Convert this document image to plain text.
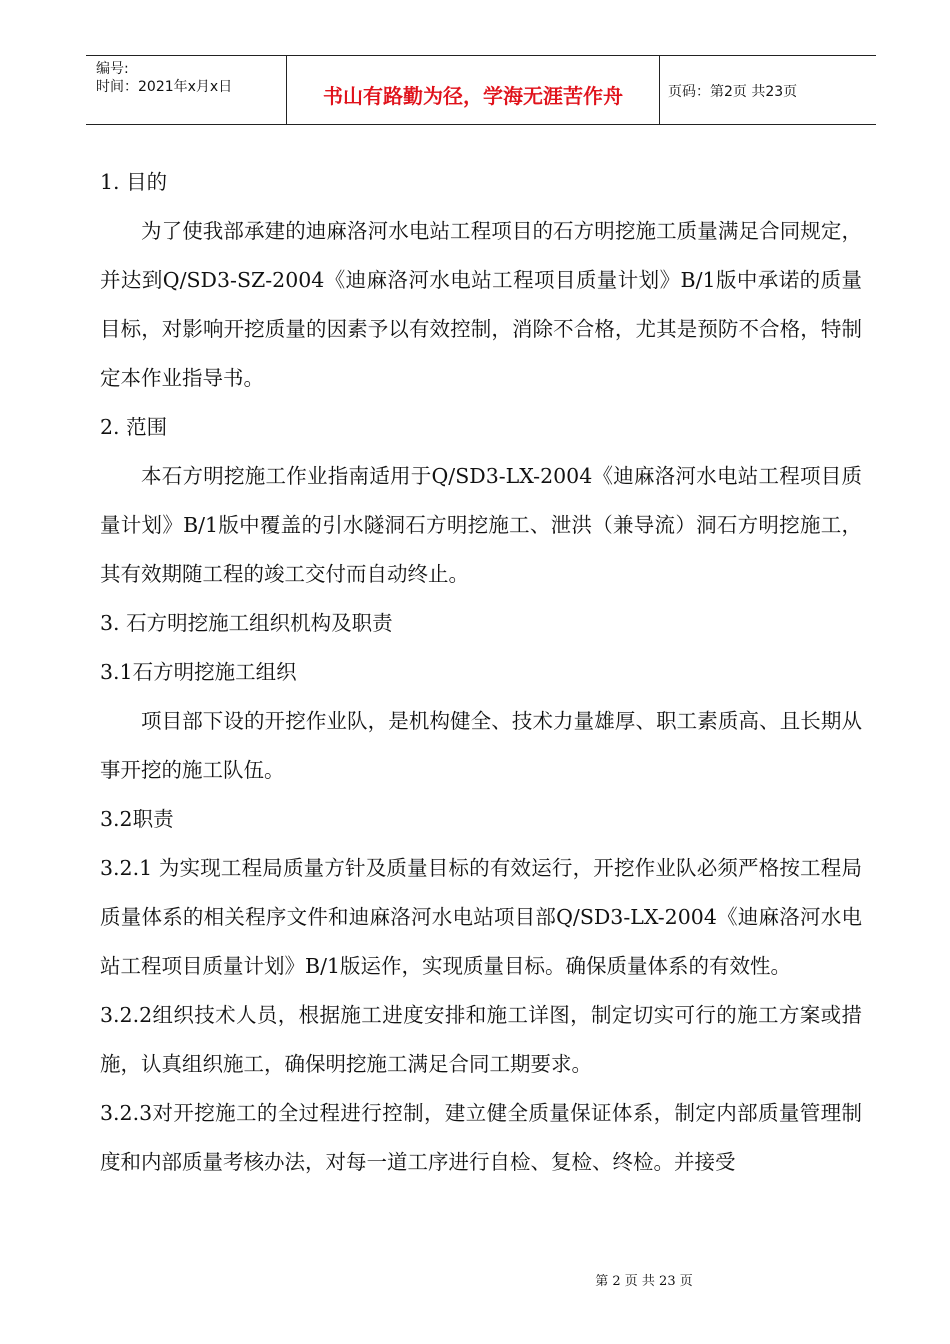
编号:
时间：2021年x月x日	书山有路勤为径，学海无涯苦作舟	页码：第2页 共23页

1. 目的

为了使我部承建的迪麻洛河水电站工程项目的石方明挖施工质量满足合同规定，并达到Q/SD3-SZ-2004《迪麻洛河水电站工程项目质量计划》B/1版中承诺的质量目标，对影响开挖质量的因素予以有效控制，消除不合格，尤其是预防不合格，特制定本作业指导书。

2. 范围

本石方明挖施工作业指南适用于Q/SD3-LX-2004《迪麻洛河水电站工程项目质量计划》B/1版中覆盖的引水隧洞石方明挖施工、泄洪（兼导流）洞石方明挖施工，其有效期随工程的竣工交付而自动终止。

3. 石方明挖施工组织机构及职责

3.1石方明挖施工组织

项目部下设的开挖作业队，是机构健全、技术力量雄厚、职工素质高、且长期从事开挖的施工队伍。

3.2职责

3.2.1 为实现工程局质量方针及质量目标的有效运行，开挖作业队必须严格按工程局质量体系的相关程序文件和迪麻洛河水电站项目部Q/SD3-LX-2004《迪麻洛河水电站工程项目质量计划》B/1版运作，实现质量目标。确保质量体系的有效性。

3.2.2组织技术人员，根据施工进度安排和施工详图，制定切实可行的施工方案或措施，认真组织施工，确保明挖施工满足合同工期要求。

3.2.3对开挖施工的全过程进行控制，建立健全质量保证体系，制定内部质量管理制度和内部质量考核办法，对每一道工序进行自检、复检、终检。并接受

第 2 页 共 23 页
